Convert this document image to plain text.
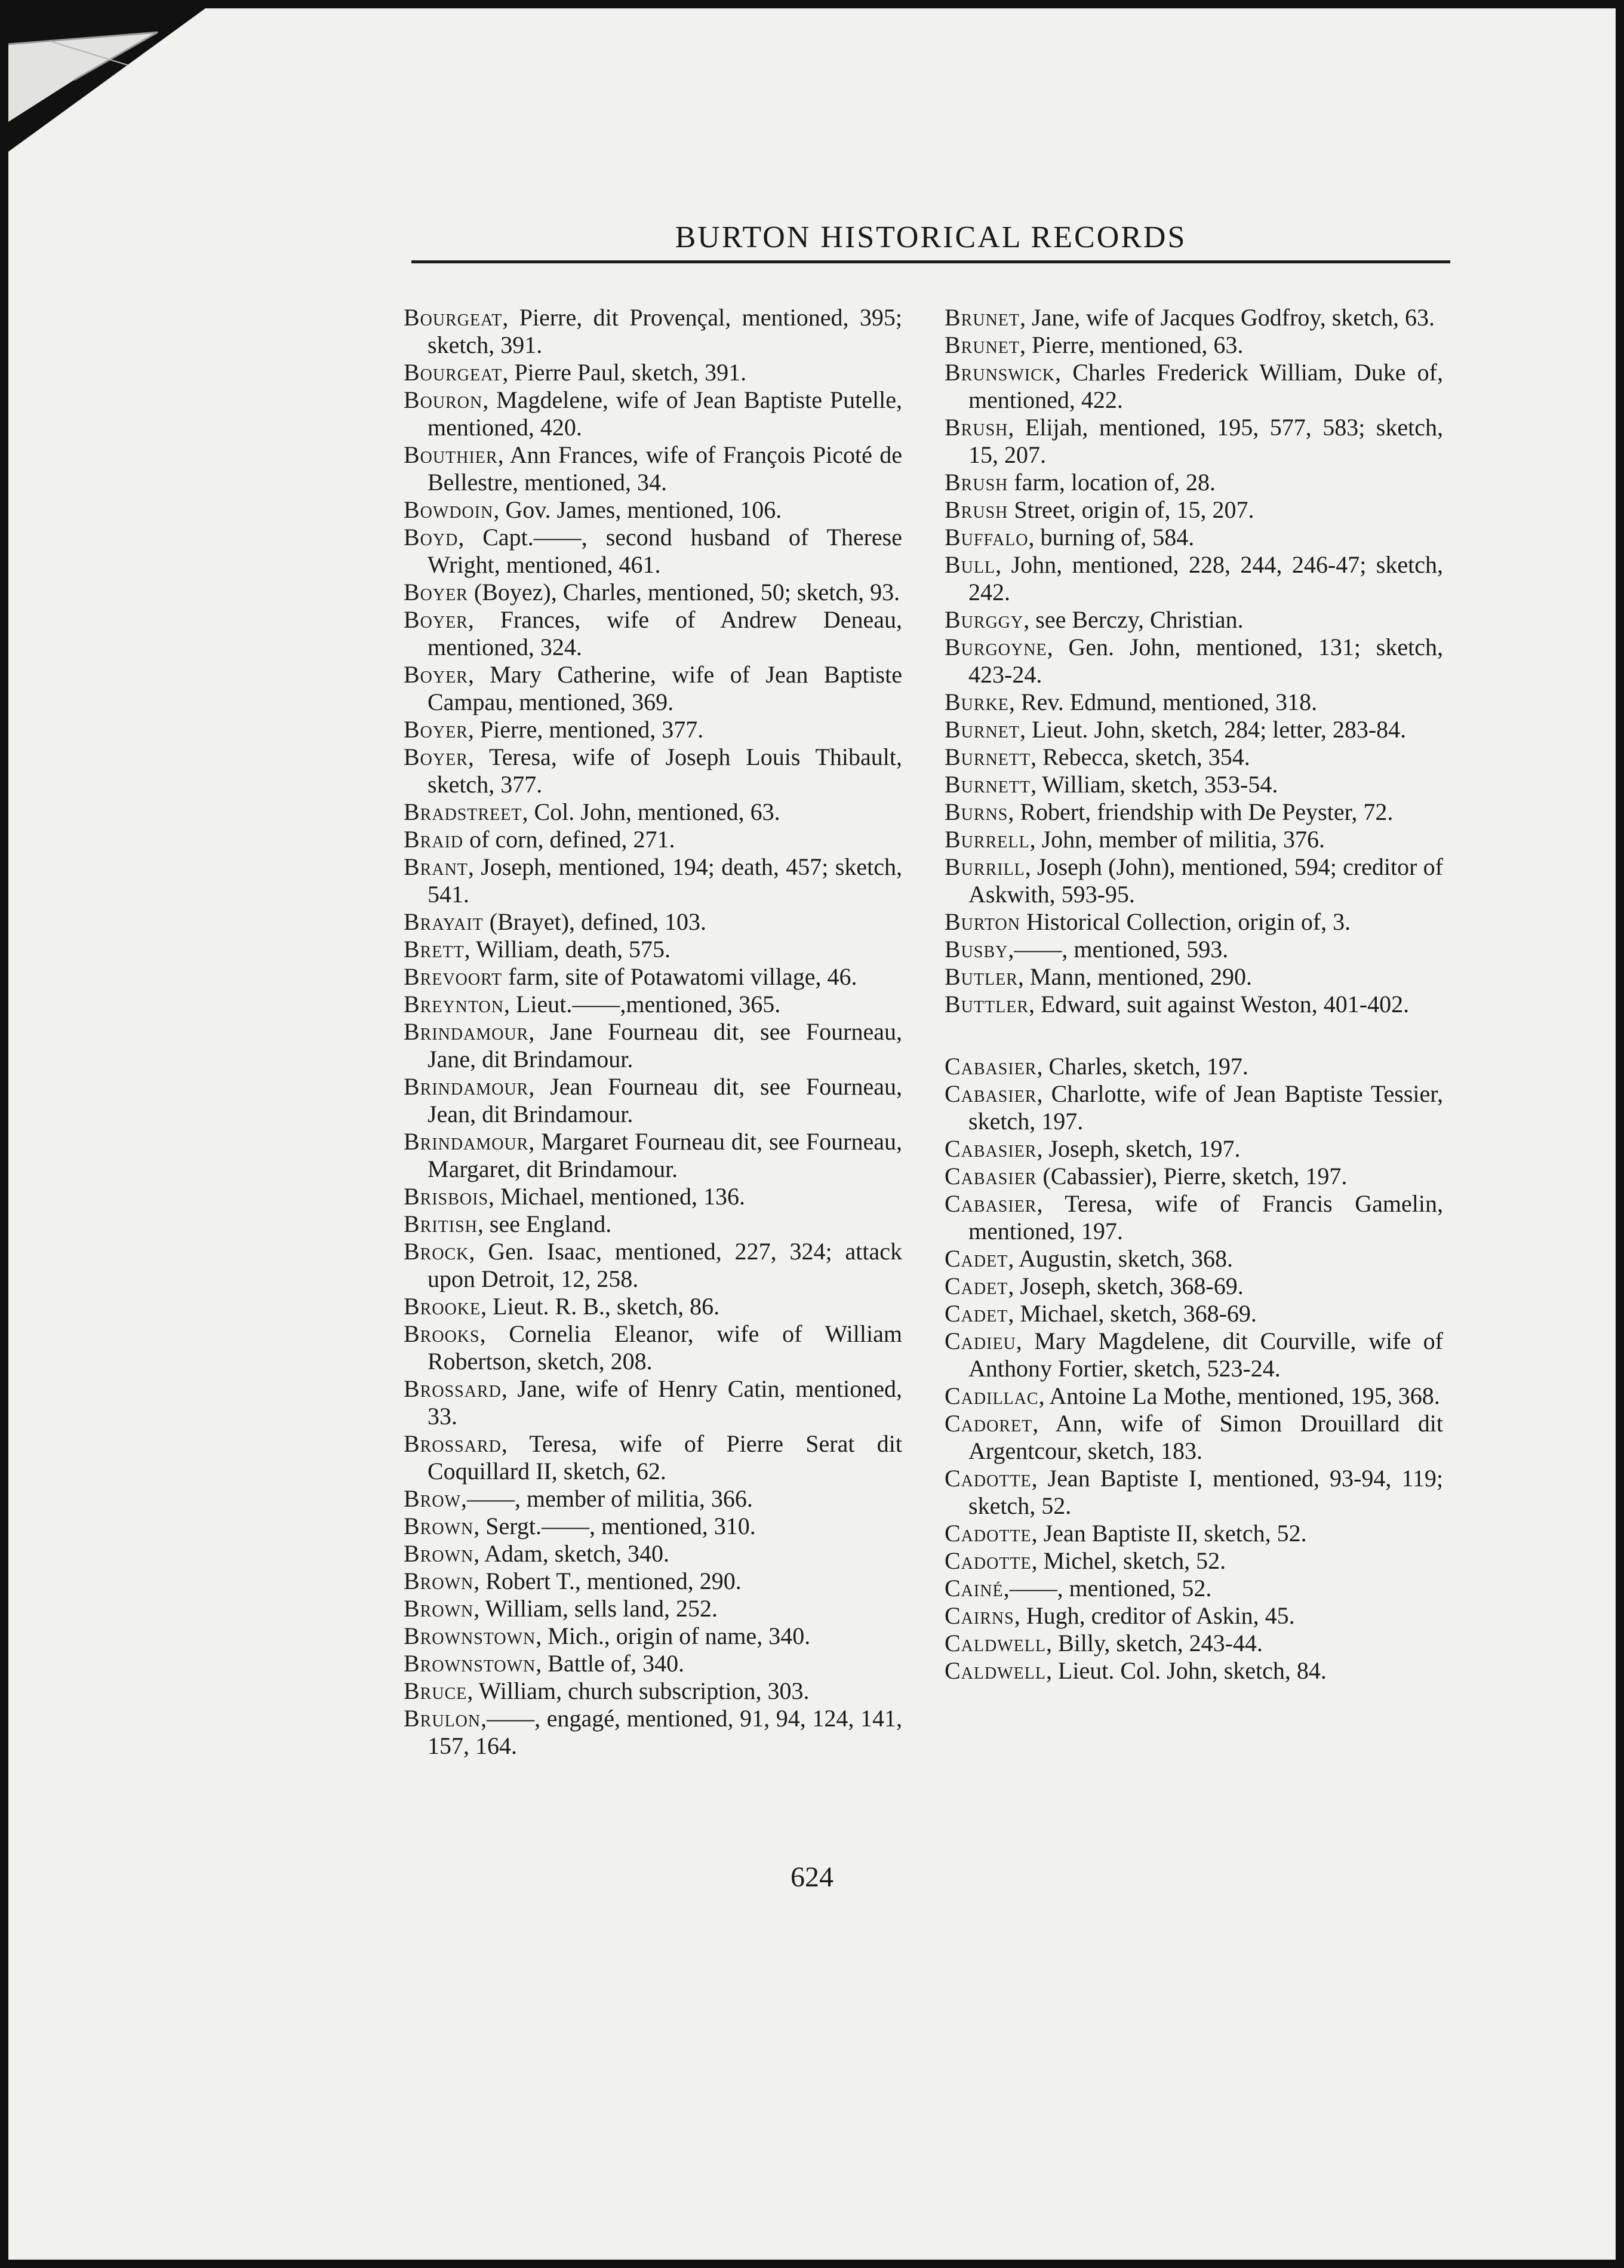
BURTON HISTORICAL RECORDS
Bourgeat, Pierre, dit Provençal, mentioned, 395; sketch, 391.
Bourgeat, Pierre Paul, sketch, 391.
Bouron, Magdelene, wife of Jean Baptiste Putelle, mentioned, 420.
Bouthier, Ann Frances, wife of François Picoté de Bellestre, mentioned, 34.
Bowdoin, Gov. James, mentioned, 106.
Boyd, Capt.——, second husband of Therese Wright, mentioned, 461.
Boyer (Boyez), Charles, mentioned, 50; sketch, 93.
Boyer, Frances, wife of Andrew Deneau, mentioned, 324.
Boyer, Mary Catherine, wife of Jean Baptiste Campau, mentioned, 369.
Boyer, Pierre, mentioned, 377.
Boyer, Teresa, wife of Joseph Louis Thibault, sketch, 377.
Bradstreet, Col. John, mentioned, 63.
Braid of corn, defined, 271.
Brant, Joseph, mentioned, 194; death, 457; sketch, 541.
Brayait (Brayet), defined, 103.
Brett, William, death, 575.
Brevoort farm, site of Potawatomi village, 46.
Breynton, Lieut.——,mentioned, 365.
Brindamour, Jane Fourneau dit, see Fourneau, Jane, dit Brindamour.
Brindamour, Jean Fourneau dit, see Fourneau, Jean, dit Brindamour.
Brindamour, Margaret Fourneau dit, see Fourneau, Margaret, dit Brindamour.
Brisbois, Michael, mentioned, 136.
British, see England.
Brock, Gen. Isaac, mentioned, 227, 324; attack upon Detroit, 12, 258.
Brooke, Lieut. R. B., sketch, 86.
Brooks, Cornelia Eleanor, wife of William Robertson, sketch, 208.
Brossard, Jane, wife of Henry Catin, mentioned, 33.
Brossard, Teresa, wife of Pierre Serat dit Coquillard II, sketch, 62.
Brow,——, member of militia, 366.
Brown, Sergt.——, mentioned, 310.
Brown, Adam, sketch, 340.
Brown, Robert T., mentioned, 290.
Brown, William, sells land, 252.
Brownstown, Mich., origin of name, 340.
Brownstown, Battle of, 340.
Bruce, William, church subscription, 303.
Brulon,——, engagé, mentioned, 91, 94, 124, 141, 157, 164.
Brunet, Jane, wife of Jacques Godfroy, sketch, 63.
Brunet, Pierre, mentioned, 63.
Brunswick, Charles Frederick William, Duke of, mentioned, 422.
Brush, Elijah, mentioned, 195, 577, 583; sketch, 15, 207.
Brush farm, location of, 28.
Brush Street, origin of, 15, 207.
Buffalo, burning of, 584.
Bull, John, mentioned, 228, 244, 246-47; sketch, 242.
Burggy, see Berczy, Christian.
Burgoyne, Gen. John, mentioned, 131; sketch, 423-24.
Burke, Rev. Edmund, mentioned, 318.
Burnet, Lieut. John, sketch, 284; letter, 283-84.
Burnett, Rebecca, sketch, 354.
Burnett, William, sketch, 353-54.
Burns, Robert, friendship with De Peyster, 72.
Burrell, John, member of militia, 376.
Burrill, Joseph (John), mentioned, 594; creditor of Askwith, 593-95.
Burton Historical Collection, origin of, 3.
Busby,——, mentioned, 593.
Butler, Mann, mentioned, 290.
Buttler, Edward, suit against Weston, 401-402.
Cabasier, Charles, sketch, 197.
Cabasier, Charlotte, wife of Jean Baptiste Tessier, sketch, 197.
Cabasier, Joseph, sketch, 197.
Cabasier (Cabassier), Pierre, sketch, 197.
Cabasier, Teresa, wife of Francis Gamelin, mentioned, 197.
Cadet, Augustin, sketch, 368.
Cadet, Joseph, sketch, 368-69.
Cadet, Michael, sketch, 368-69.
Cadieu, Mary Magdelene, dit Courville, wife of Anthony Fortier, sketch, 523-24.
Cadillac, Antoine La Mothe, mentioned, 195, 368.
Cadoret, Ann, wife of Simon Drouillard dit Argentcour, sketch, 183.
Cadotte, Jean Baptiste I, mentioned, 93-94, 119; sketch, 52.
Cadotte, Jean Baptiste II, sketch, 52.
Cadotte, Michel, sketch, 52.
Cainé,——, mentioned, 52.
Cairns, Hugh, creditor of Askin, 45.
Caldwell, Billy, sketch, 243-44.
Caldwell, Lieut. Col. John, sketch, 84.
624
